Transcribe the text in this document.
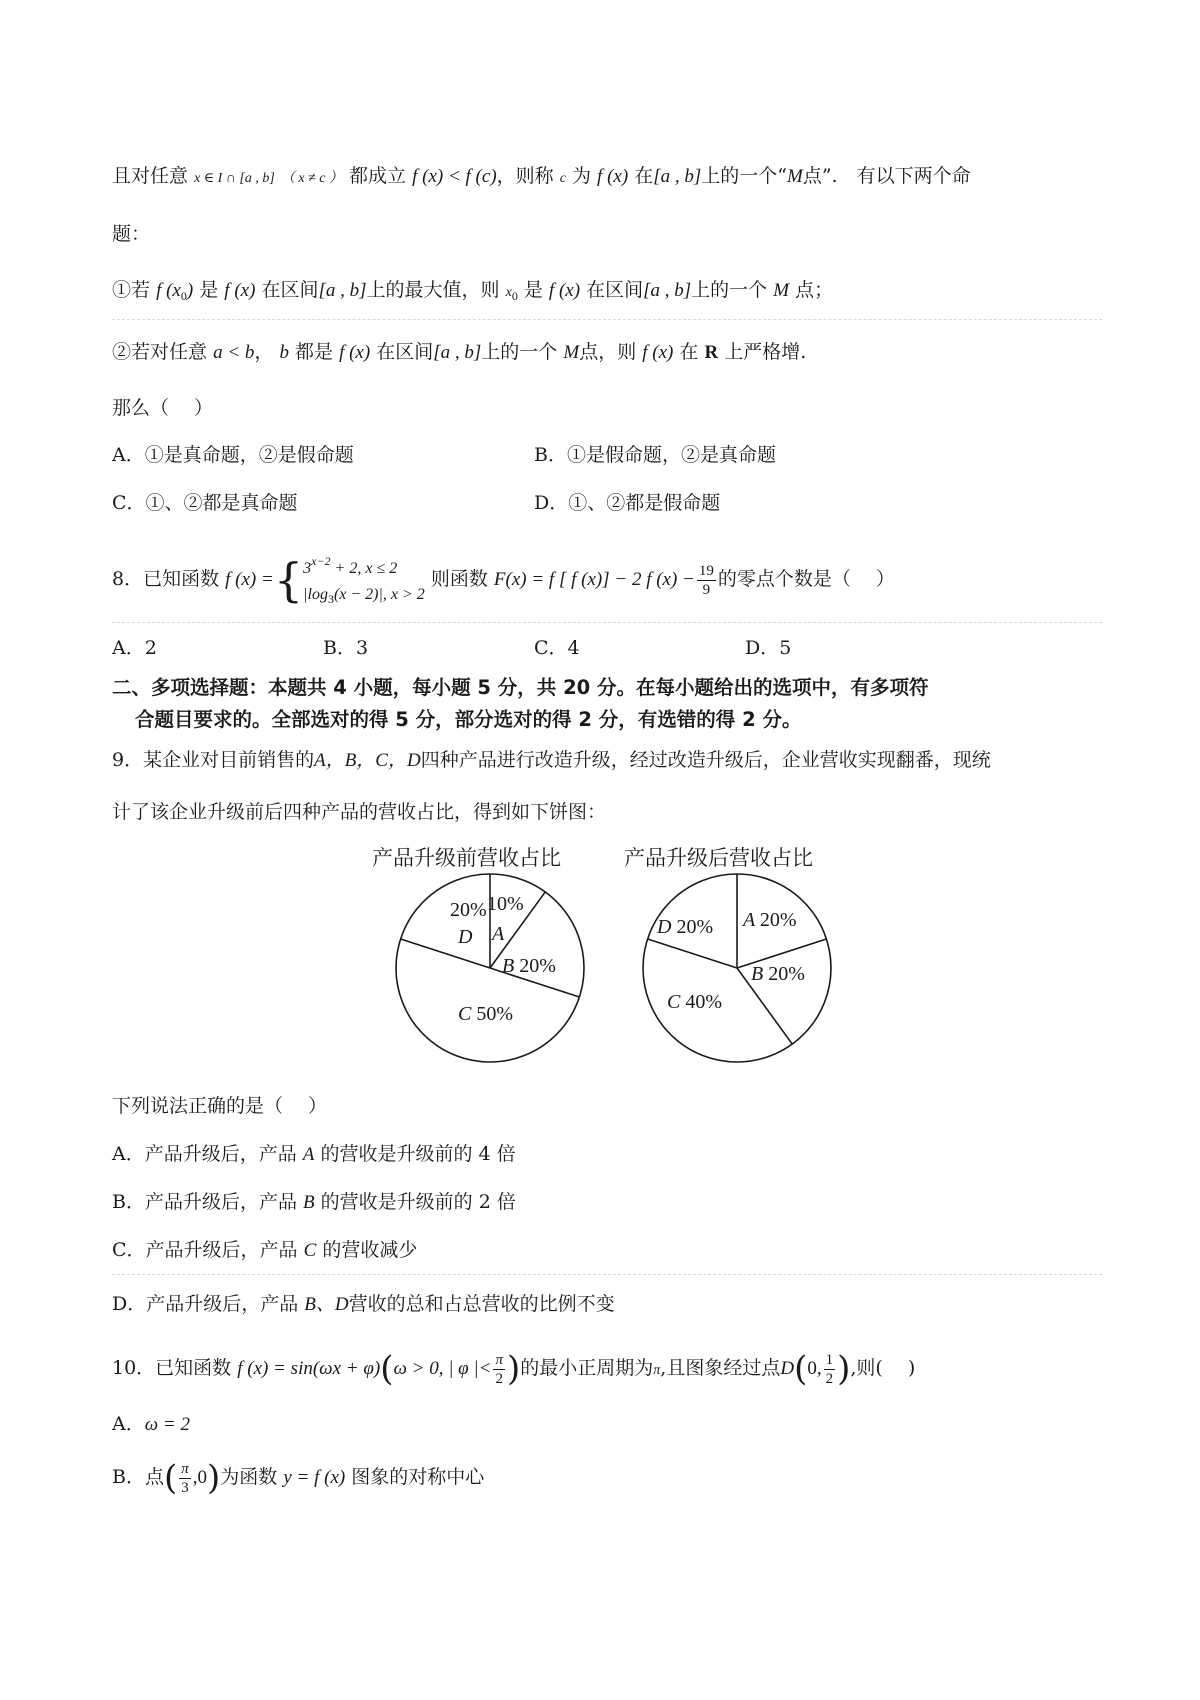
且对任意 x ∈ I ∩ [a , b] （ x ≠ c ） 都成立 f (x) < f (c)，则称 c 为 f (x) 在[a , b]上的一个“M点”.　有以下两个命
题：
①若 f $(x_0)$ 是 f (x) 在区间[a , b]上的最大值，则 x0 是 f (x) 在区间[a , b]上的一个 M 点；
②若对任意 a < b， b 都是 f (x) 在区间[a , b]上的一个 M点，则 f (x) 在 R 上严格增.
那么（　 ）
A．①是真命题，②是假命题	B．①是假命题，②是真命题
C．①、②都是真命题	D．①、②都是假命题
8．已知函数 f (x) ={ $3^{x-2} + 2$, x ≤ 2
$|\log_3(x - 2)|$, x > 2
则函数 F(x) = f [ f (x)] − 2 f $(x) - \frac{19}{9}$ 的零点个数是（　 ）
A．2	B．3	C．4	D．5
二、多项选择题：本题共 4 小题，每小题 5 分，共 20 分。在每小题给出的选项中，有多项符
合题目要求的。全部选对的得 5 分，部分选对的得 2 分，有选错的得 2 分。
9．某企业对目前销售的A，B，C，D四种产品进行改造升级，经过改造升级后，企业营收实现翻番，现统
计了该企业升级前后四种产品的营收占比，得到如下饼图：
产品升级前营收占比	产品升级后营收占比
20%
D
10%
A
B 20%
C 50%
A 20%
D 20%
B 20%
C 40%
下列说法正确的是（　 ）
A．产品升级后，产品 A 的营收是升级前的 4 倍
B．产品升级后，产品 B 的营收是升级前的 2 倍
C．产品升级后，产品 C 的营收减少
D．产品升级后，产品 B、D营收的总和占总营收的比例不变
10．已知函数 f (x) = sin(ωx + φ)(ω > 0, | φ |< $\frac{\pi}{2}$ )的最小正周期为π,且图象经过点D(0, $\frac{1}{2}$ ),则(　 )
A．ω = 2
B．点( $\frac{\pi}{3} ,0$)为函数 y = f (x) 图象的对称中心
